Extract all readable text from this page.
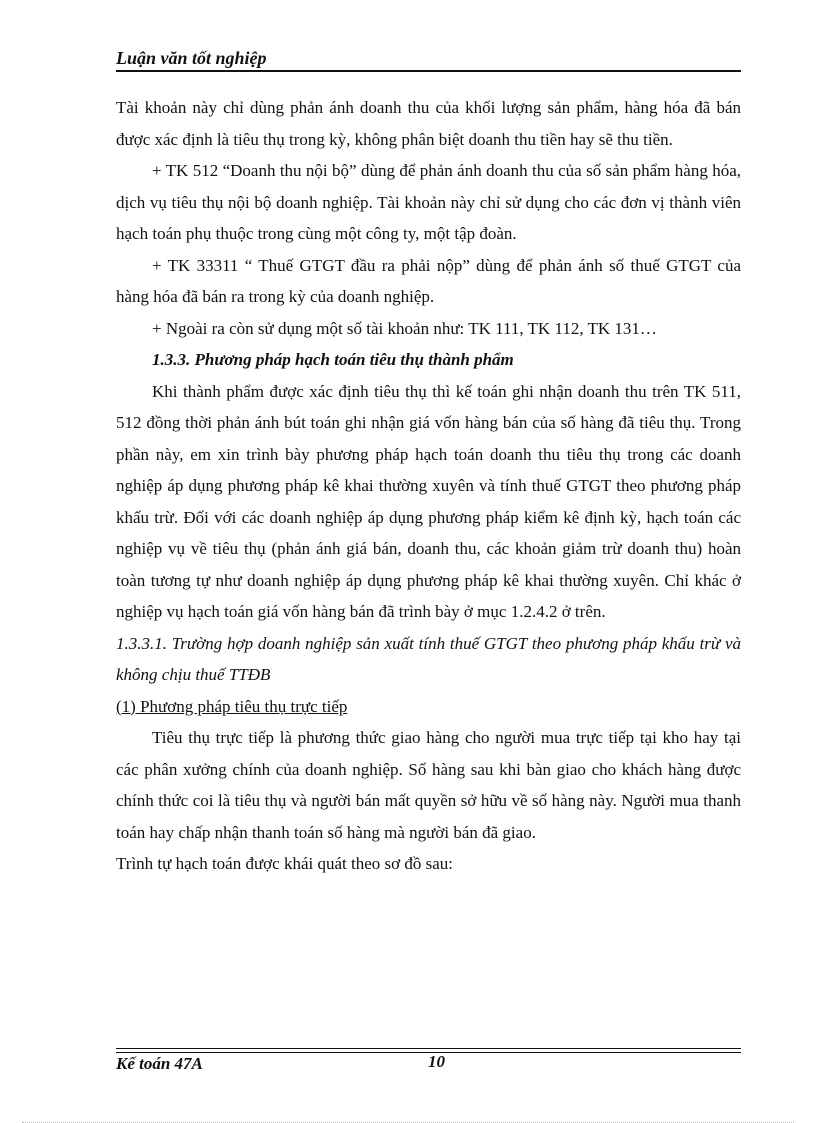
Luận văn tốt nghiệp

Tài khoản này chỉ dùng phản ánh doanh thu của khối lượng sản phẩm, hàng hóa đã bán được xác định là tiêu thụ trong kỳ, không phân biệt doanh thu tiền hay sẽ thu tiền.

+ TK 512 “Doanh thu nội bộ” dùng để phản ánh doanh thu của số sản phẩm hàng hóa, dịch vụ tiêu thụ nội bộ doanh nghiệp. Tài khoản này chỉ sử dụng cho các đơn vị thành viên hạch toán phụ thuộc trong cùng một công ty, một tập đoàn.

+ TK 33311 “ Thuế GTGT đầu ra phải nộp” dùng để phản ánh số thuế GTGT của hàng hóa đã bán ra trong kỳ của doanh nghiệp.

+ Ngoài ra còn sử dụng một số tài khoản như: TK 111, TK 112, TK 131…

1.3.3. Phương pháp hạch toán tiêu thụ thành phẩm

Khi thành phẩm được xác định tiêu thụ thì kế toán ghi nhận doanh thu trên TK 511, 512 đồng thời phản ánh bút toán ghi nhận giá vốn hàng bán của số hàng đã tiêu thụ. Trong phần này, em xin trình bày phương pháp hạch toán doanh thu tiêu thụ trong các doanh nghiệp áp dụng phương pháp kê khai thường xuyên và tính thuế GTGT theo phương pháp khấu trừ. Đối với các doanh nghiệp áp dụng phương pháp kiểm kê định kỳ, hạch toán các nghiệp vụ về tiêu thụ (phản ánh giá bán, doanh thu, các khoản giảm trừ doanh thu) hoàn toàn tương tự như doanh nghiệp áp dụng phương pháp kê khai thường xuyên. Chỉ khác ở nghiệp vụ hạch toán giá vốn hàng bán đã trình bày ở mục 1.2.4.2 ở trên.

1.3.3.1. Trường hợp doanh nghiệp sản xuất tính thuế GTGT theo phương pháp khấu trừ và không chịu thuế TTĐB

(1) Phương pháp tiêu thụ trực tiếp

Tiêu thụ trực tiếp là phương thức giao hàng cho người mua trực tiếp tại kho hay tại các phân xưởng chính của doanh nghiệp. Số hàng sau khi bàn giao cho khách hàng được chính thức coi là tiêu thụ và người bán mất quyền sở hữu về số hàng này. Người mua thanh toán hay chấp nhận thanh toán số hàng mà người bán đã giao.

Trình tự hạch toán được khái quát theo sơ đồ sau:

Kế toán 47A	10
